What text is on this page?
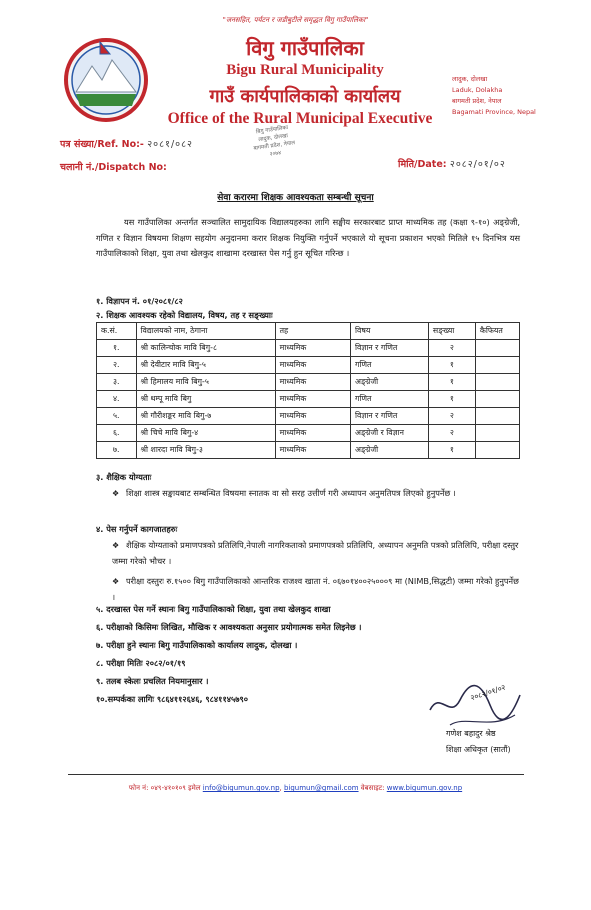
"जनसहित, पर्यटन र जडीबुटीले समृद्धत विगु गाउँपालिका"
विगु गाउँपालिका
Bigu Rural Municipality
गाउँ कार्यपालिकाको कार्यालय
Office of the Rural Municipal Executive
लादुक, दोलखा
Laduk, Dolakha
बागमती प्रदेश, नेपाल
Bagamati Province, Nepal
पत्र संख्या/Ref. No:- २०८१/०८२
चलानी नं./Dispatch No:	मिति/Date: २०८२/०१/०२
बिगु गाउँपालिका
लादुक, दोलखा
बागमती प्रदेश, नेपाल
२०७४
सेवा करारमा शिक्षक आवश्यकता सम्बन्धी सूचना
यस गाउँपालिका अन्तर्गत सञ्चालित सामुदायिक विद्यालयहरुका लागि सङ्घीय सरकारबाट प्राप्त माध्यमिक तह (कक्षा ९-१०) अङ्ग्रेजी, गणित र विज्ञान विषयमा शिक्षण सहयोग अनुदानमा करार शिक्षक नियुक्ति गर्नुपर्ने भएकाले यो सूचना प्रकाशन भएको मितिले १५ दिनभित्र यस गाउँपालिकाको शिक्षा, युवा तथा खेलकुद शाखामा दरखास्त पेस गर्नु हुन सूचित गरिन्छ ।
१. विज्ञापन नं. ०१/२०८१/८२
२. शिक्षक आवश्यक रहेको विद्यालय, विषय, तह र सङ्ख्याः
क.सं.	विद्यालयको नाम, ठेगाना	तह	विषय	सङ्ख्या	कैफियत
१.	श्री कालिन्चोक मावि बिगु-८	माध्यमिक	विज्ञान र गणित	२	
२.	श्री देवीटार मावि बिगु-५	माध्यमिक	गणित	१	
३.	श्री हिमालय मावि बिगु-५	माध्यमिक	अङ्ग्रेजी	१	
४.	श्री थम्पू मावि बिगु	माध्यमिक	गणित	१	
५.	श्री गौरीशङ्कर मावि बिगु-७	माध्यमिक	विज्ञान र गणित	२	
६.	श्री चिचे मावि बिगु-४	माध्यमिक	अङ्ग्रेजी र विज्ञान	२	
७.	श्री शारदा मावि बिगु-३	माध्यमिक	अङ्ग्रेजी	१	
३. शैक्षिक योग्यताः
❖ शिक्षा शास्त्र सङ्कायबाट सम्बन्धित विषयमा स्नातक वा सो सरह उत्तीर्ण गरी अध्यापन अनुमतिपत्र लिएको हुनुपर्नेछ ।
४. पेस गर्नुपर्ने कागजातहरुः
❖ शैक्षिक योग्यताको प्रमाणपत्रको प्रतिलिपि,नेपाली नागरिकताको प्रमाणपत्रको प्रतिलिपि, अध्यापन अनुमति पत्रको प्रतिलिपि, परीक्षा दस्तुर जम्मा गरेको भौचर ।
❖ परीक्षा दस्तुरः रु.१५०० बिगु गाउँपालिकाको आन्तरिक राजश्व खाता नं. ०६७०१४००२५०००९ मा (NIMB,सिद्धटी) जम्मा गरेको हुनुपर्नेछ ।
५. दरखास्त पेस गर्ने स्थानः बिगु गाउँपालिकाको शिक्षा, युवा तथा खेलकुद शाखा
६. परीक्षाको किसिमः लिखित, मौखिक र आवश्यकता अनुसार प्रयोगात्मक समेत लिइनेछ ।
७. परीक्षा हुने स्थानः बिगु गाउँपालिकाको कार्यालय लादुक, दोलखा ।
८. परीक्षा मितिः २०८२/०१/१९
९. तलब स्केलः प्रचलित नियमानुसार ।
१०.सम्पर्कका लागिः ९८६४११२६४६, ९८४११४५७९०	२०८२/०१/०२
गणेश बहादुर श्रेष्ठ
शिक्षा अधिकृत (सातौं)
फोन नं: ०४९-४१०१०९ इमेल info@bigumun.gov.np, bigumun@gmail.com वेबसाइट: www.bigumun.gov.np
